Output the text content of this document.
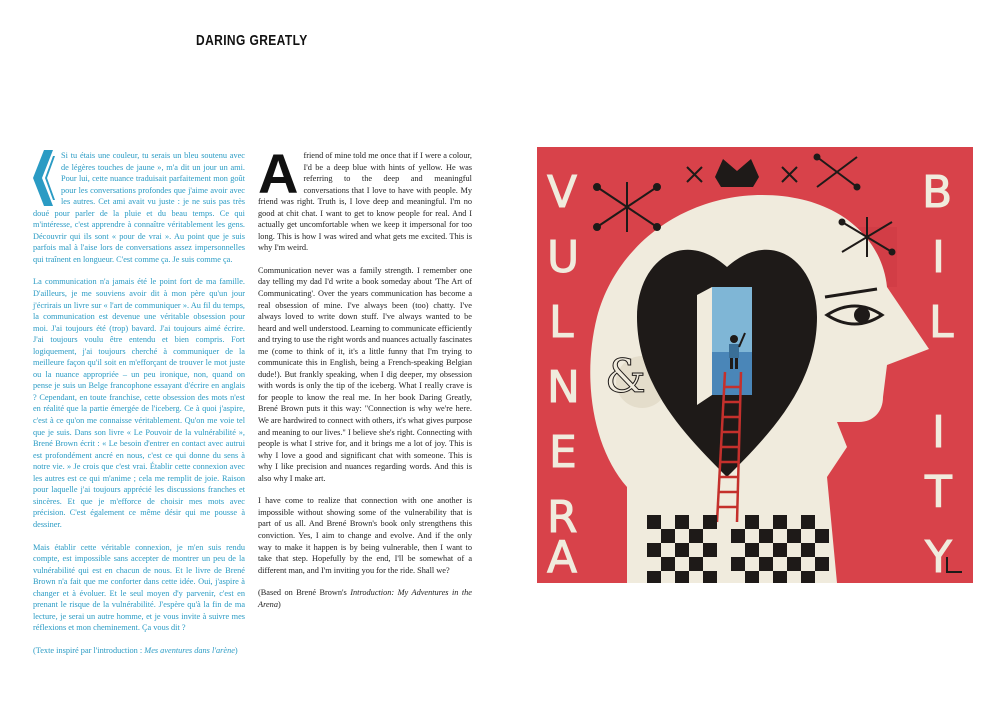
DARING GREATLY

Si tu étais une couleur, tu serais un bleu soutenu avec de légères touches de jaune », m'a dit un jour un ami. Pour lui, cette nuance traduisait parfaitement mon goût pour les conversations profondes que j'aime avoir avec les autres. Cet ami avait vu juste : je ne suis pas très doué pour parler de la pluie et du beau temps. Ce qui m'intéresse, c'est apprendre à connaître véritablement les gens. Découvrir qui ils sont « pour de vrai ». Au point que je suis parfois mal à l'aise lors de conversations assez impersonnelles qui traînent en longueur. C'est comme ça. Je suis comme ça.

La communication n'a jamais été le point fort de ma famille. D'ailleurs, je me souviens avoir dit à mon père qu'un jour j'écrirais un livre sur « l'art de communiquer ». Au fil du temps, la communication est devenue une véritable obsession pour moi. J'ai toujours été (trop) bavard. J'ai toujours aimé écrire. J'ai toujours voulu être entendu et bien compris. Fort logiquement, j'ai toujours cherché à communiquer de la meilleure façon qu'il soit en m'efforçant de trouver le mot juste ou la nuance appropriée – un peu ironique, non, quand on pense je suis un Belge francophone essayant d'écrire en anglais ? Cependant, en toute franchise, cette obsession des mots n'est en réalité que la partie émergée de l'iceberg. Ce à quoi j'aspire, c'est à ce qu'on me connaisse véritablement. Qu'on me voie tel que je suis. Dans son livre « Le Pouvoir de la vulnérabilité », Brené Brown écrit : « Le besoin d'entrer en contact avec autrui est profondément ancré en nous, c'est ce qui donne du sens à notre vie. » Je crois que c'est vrai. Établir cette connexion avec les autres est ce qui m'anime ; cela me remplit de joie. Raison pour laquelle j'ai toujours apprécié les discussions franches et sincères. Et que je m'efforce de choisir mes mots avec précision. C'est également ce même désir qui me pousse à dessiner.

Mais établir cette véritable connexion, je m'en suis rendu compte, est impossible sans accepter de montrer un peu de la vulnérabilité qui est en chacun de nous. Et le livre de Brené Brown n'a fait que me conforter dans cette idée. Oui, j'aspire à changer et à évoluer. Et le seul moyen d'y parvenir, c'est en prenant le risque de la vulnérabilité. J'espère qu'à la fin de ma lecture, je serai un autre homme, et je vous invite à suivre mes réflexions et mon cheminement. Ça vous dit ?

(Texte inspiré par l'introduction : Mes aventures dans l'arène)

A friend of mine told me once that if I were a colour, I'd be a deep blue with hints of yellow. He was referring to the deep and meaningful conversations that I love to have with people. My friend was right. Truth is, I love deep and meaningful. I'm no good at chit chat. I want to get to know people for real. And I actually get uncomfortable when we keep it impersonal for too long. This is how I was wired and what gets me excited. This is why I'm weird.

Communication never was a family strength. I remember one day telling my dad I'd write a book someday about 'The Art of Communicating'. Over the years communication has become a real obsession of mine. I've always been (too) chatty. I've always loved to write down stuff. I've always wanted to be heard and well understood. Learning to communicate efficiently and trying to use the right words and nuances actually fascinates me (come to think of it, it's a little funny that I'm trying to communicate this in English, being a French-speaking Belgian dude!). But frankly speaking, when I dig deeper, my obsession with words is only the tip of the iceberg. What I really crave is for people to know the real me. In her book Daring Greatly, Brené Brown puts it this way: "Connection is why we're here. We are hardwired to connect with others, it's what gives purpose and meaning to our lives." I believe she's right. Connecting with people is what I strive for, and it brings me a lot of joy. This is why I love a good and significant chat with someone. This is why I like precision and nuances regarding words. And this is also why I make art.

I have come to realize that connection with one another is impossible without showing some of the vulnerability that is part of us all. And Brené Brown's book only strengthens this conviction. Yes, I aim to change and evolve. And if the only way to make it happen is by being vulnerable, then I want to take that step. Hopefully by the end, I'll be somewhat of a different man, and I'm inviting you for the ride. Shall we?

(Based on Brené Brown's Introduction: My Adventures in the Arena)

V
U
L
N
E
R
A
B
I
L
I
T
Y
&
